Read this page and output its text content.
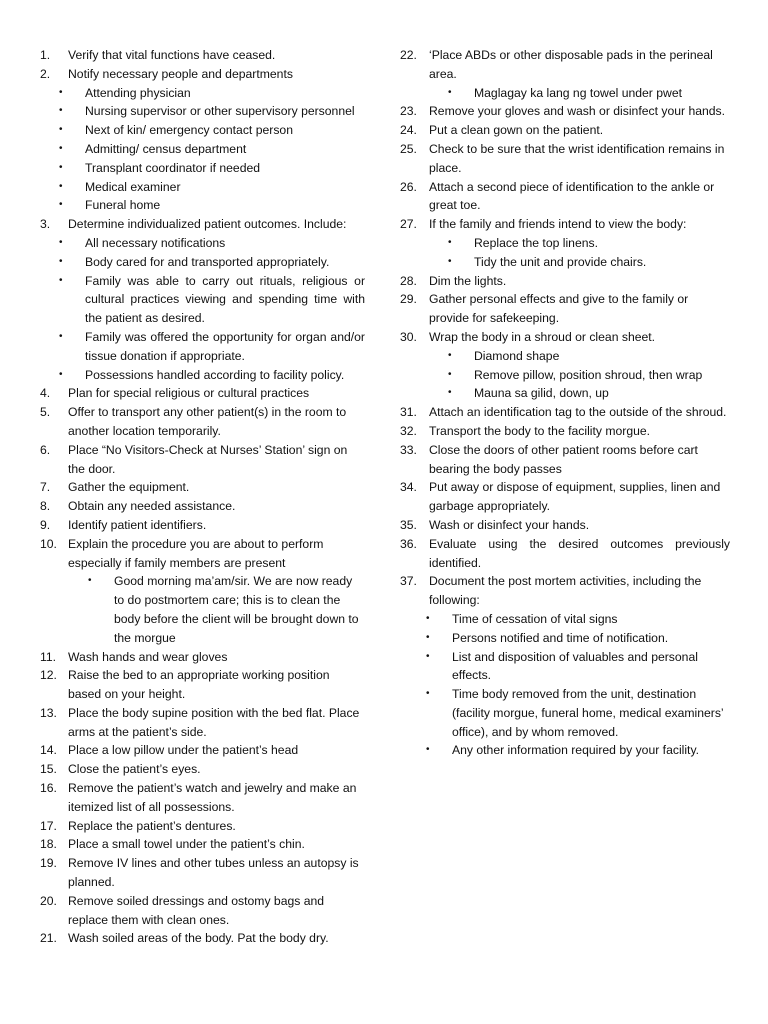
1.	Verify that vital functions have ceased.
2.	Notify necessary people and departments
•	Attending physician
•	Nursing supervisor or other supervisory personnel
•	Next of kin/ emergency contact person
•	Admitting/ census department
•	Transplant coordinator if needed
•	Medical examiner
•	Funeral home
3.	Determine individualized patient outcomes. Include:
•	All necessary notifications
•	Body cared for and transported appropriately.
•	Family was able to carry out rituals, religious or cultural practices viewing and spending time with the patient as desired.
•	Family was offered the opportunity for organ and/or tissue donation if appropriate.
•	Possessions handled according to facility policy.
4.	Plan for special religious or cultural practices
5.	Offer to transport any other patient(s) in the room to another location temporarily.
6.	Place “No Visitors-Check at Nurses’ Station’ sign on the door.
7.	Gather the equipment.
8.	Obtain any needed assistance.
9.	Identify patient identifiers.
10. Explain the procedure you are about to perform especially if family members are present
•	Good morning ma’am/sir. We are now ready to do postmortem care; this is to clean the body before the client will be brought down to the morgue
11. Wash hands and wear gloves
12. Raise the bed to an appropriate working position based on your height.
13. Place the body supine position with the bed flat. Place arms at the patient’s side.
14. Place a low pillow under the patient’s head
15. Close the patient’s eyes.
16. Remove the patient’s watch and jewelry and make an itemized list of all possessions.
17. Replace the patient’s dentures.
18. Place a small towel under the patient’s chin.
19. Remove IV lines and other tubes unless an autopsy is planned.
20. Remove soiled dressings and ostomy bags and replace them with clean ones.
21. Wash soiled areas of the body. Pat the body dry.
22. ‘Place ABDs or other disposable pads in the perineal area.
•	Maglagay ka lang ng towel under pwet
23. Remove your gloves and wash or disinfect your hands.
24. Put a clean gown on the patient.
25. Check to be sure that the wrist identification remains in place.
26. Attach a second piece of identification to the ankle or great toe.
27. If the family and friends intend to view the body:
•	Replace the top linens.
•	Tidy the unit and provide chairs.
28. Dim the lights.
29. Gather personal effects and give to the family or provide for safekeeping.
30. Wrap the body in a shroud or clean sheet.
•	Diamond shape
•	Remove pillow, position shroud, then wrap
•	Mauna sa gilid, down, up
31. Attach an identification tag to the outside of the shroud.
32. Transport the body to the facility morgue.
33. Close the doors of other patient rooms before cart bearing the body passes
34. Put away or dispose of equipment, supplies, linen and garbage appropriately.
35. Wash or disinfect your hands.
36. Evaluate using the desired outcomes previously identified.
37. Document the post mortem activities, including the following:
•	Time of cessation of vital signs
•	Persons notified and time of notification.
•	List and disposition of valuables and personal effects.
•	Time body removed from the unit, destination (facility morgue, funeral home, medical examiners’ office), and by whom removed.
•	Any other information required by your facility.
